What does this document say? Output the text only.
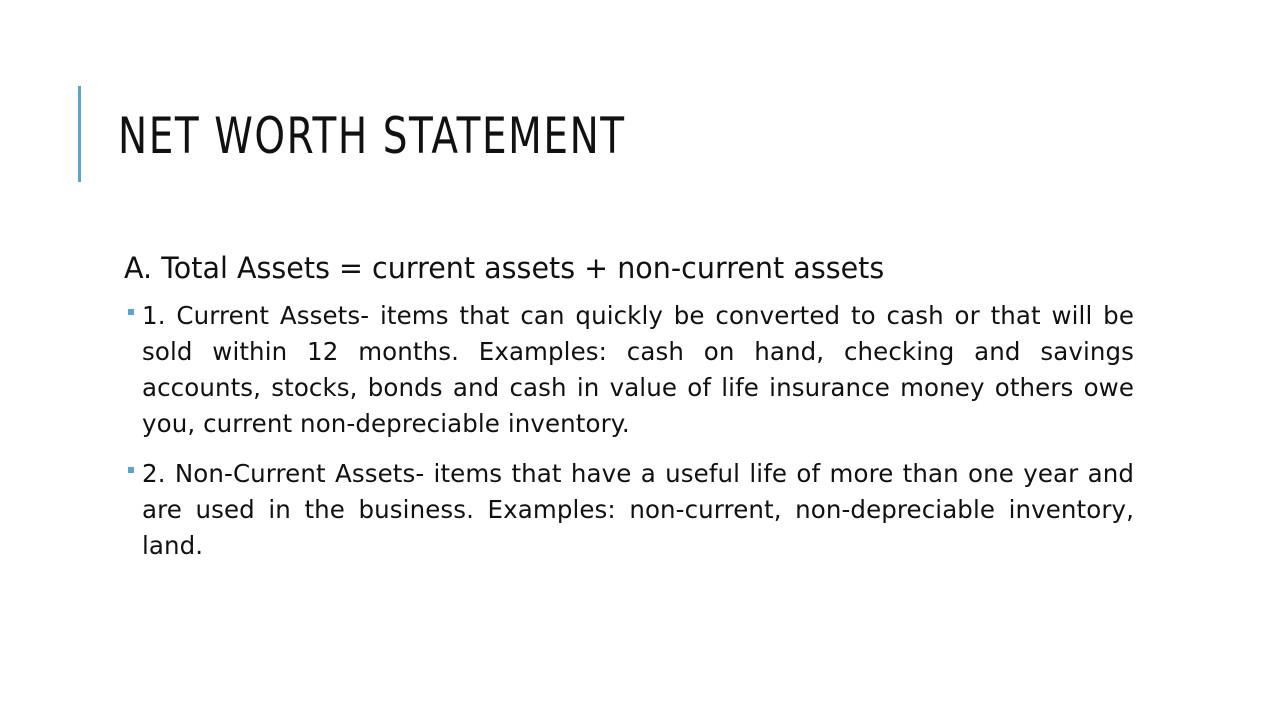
NET WORTH STATEMENT

A. Total Assets = current assets + non-current assets

1. Current Assets- items that can quickly be converted to cash or that will be sold within 12 months. Examples: cash on hand, checking and savings accounts, stocks, bonds and cash in value of life insurance money others owe you, current non-depreciable inventory.
2. Non-Current Assets- items that have a useful life of more than one year and are used in the business. Examples: non-current, non-depreciable inventory, land.
